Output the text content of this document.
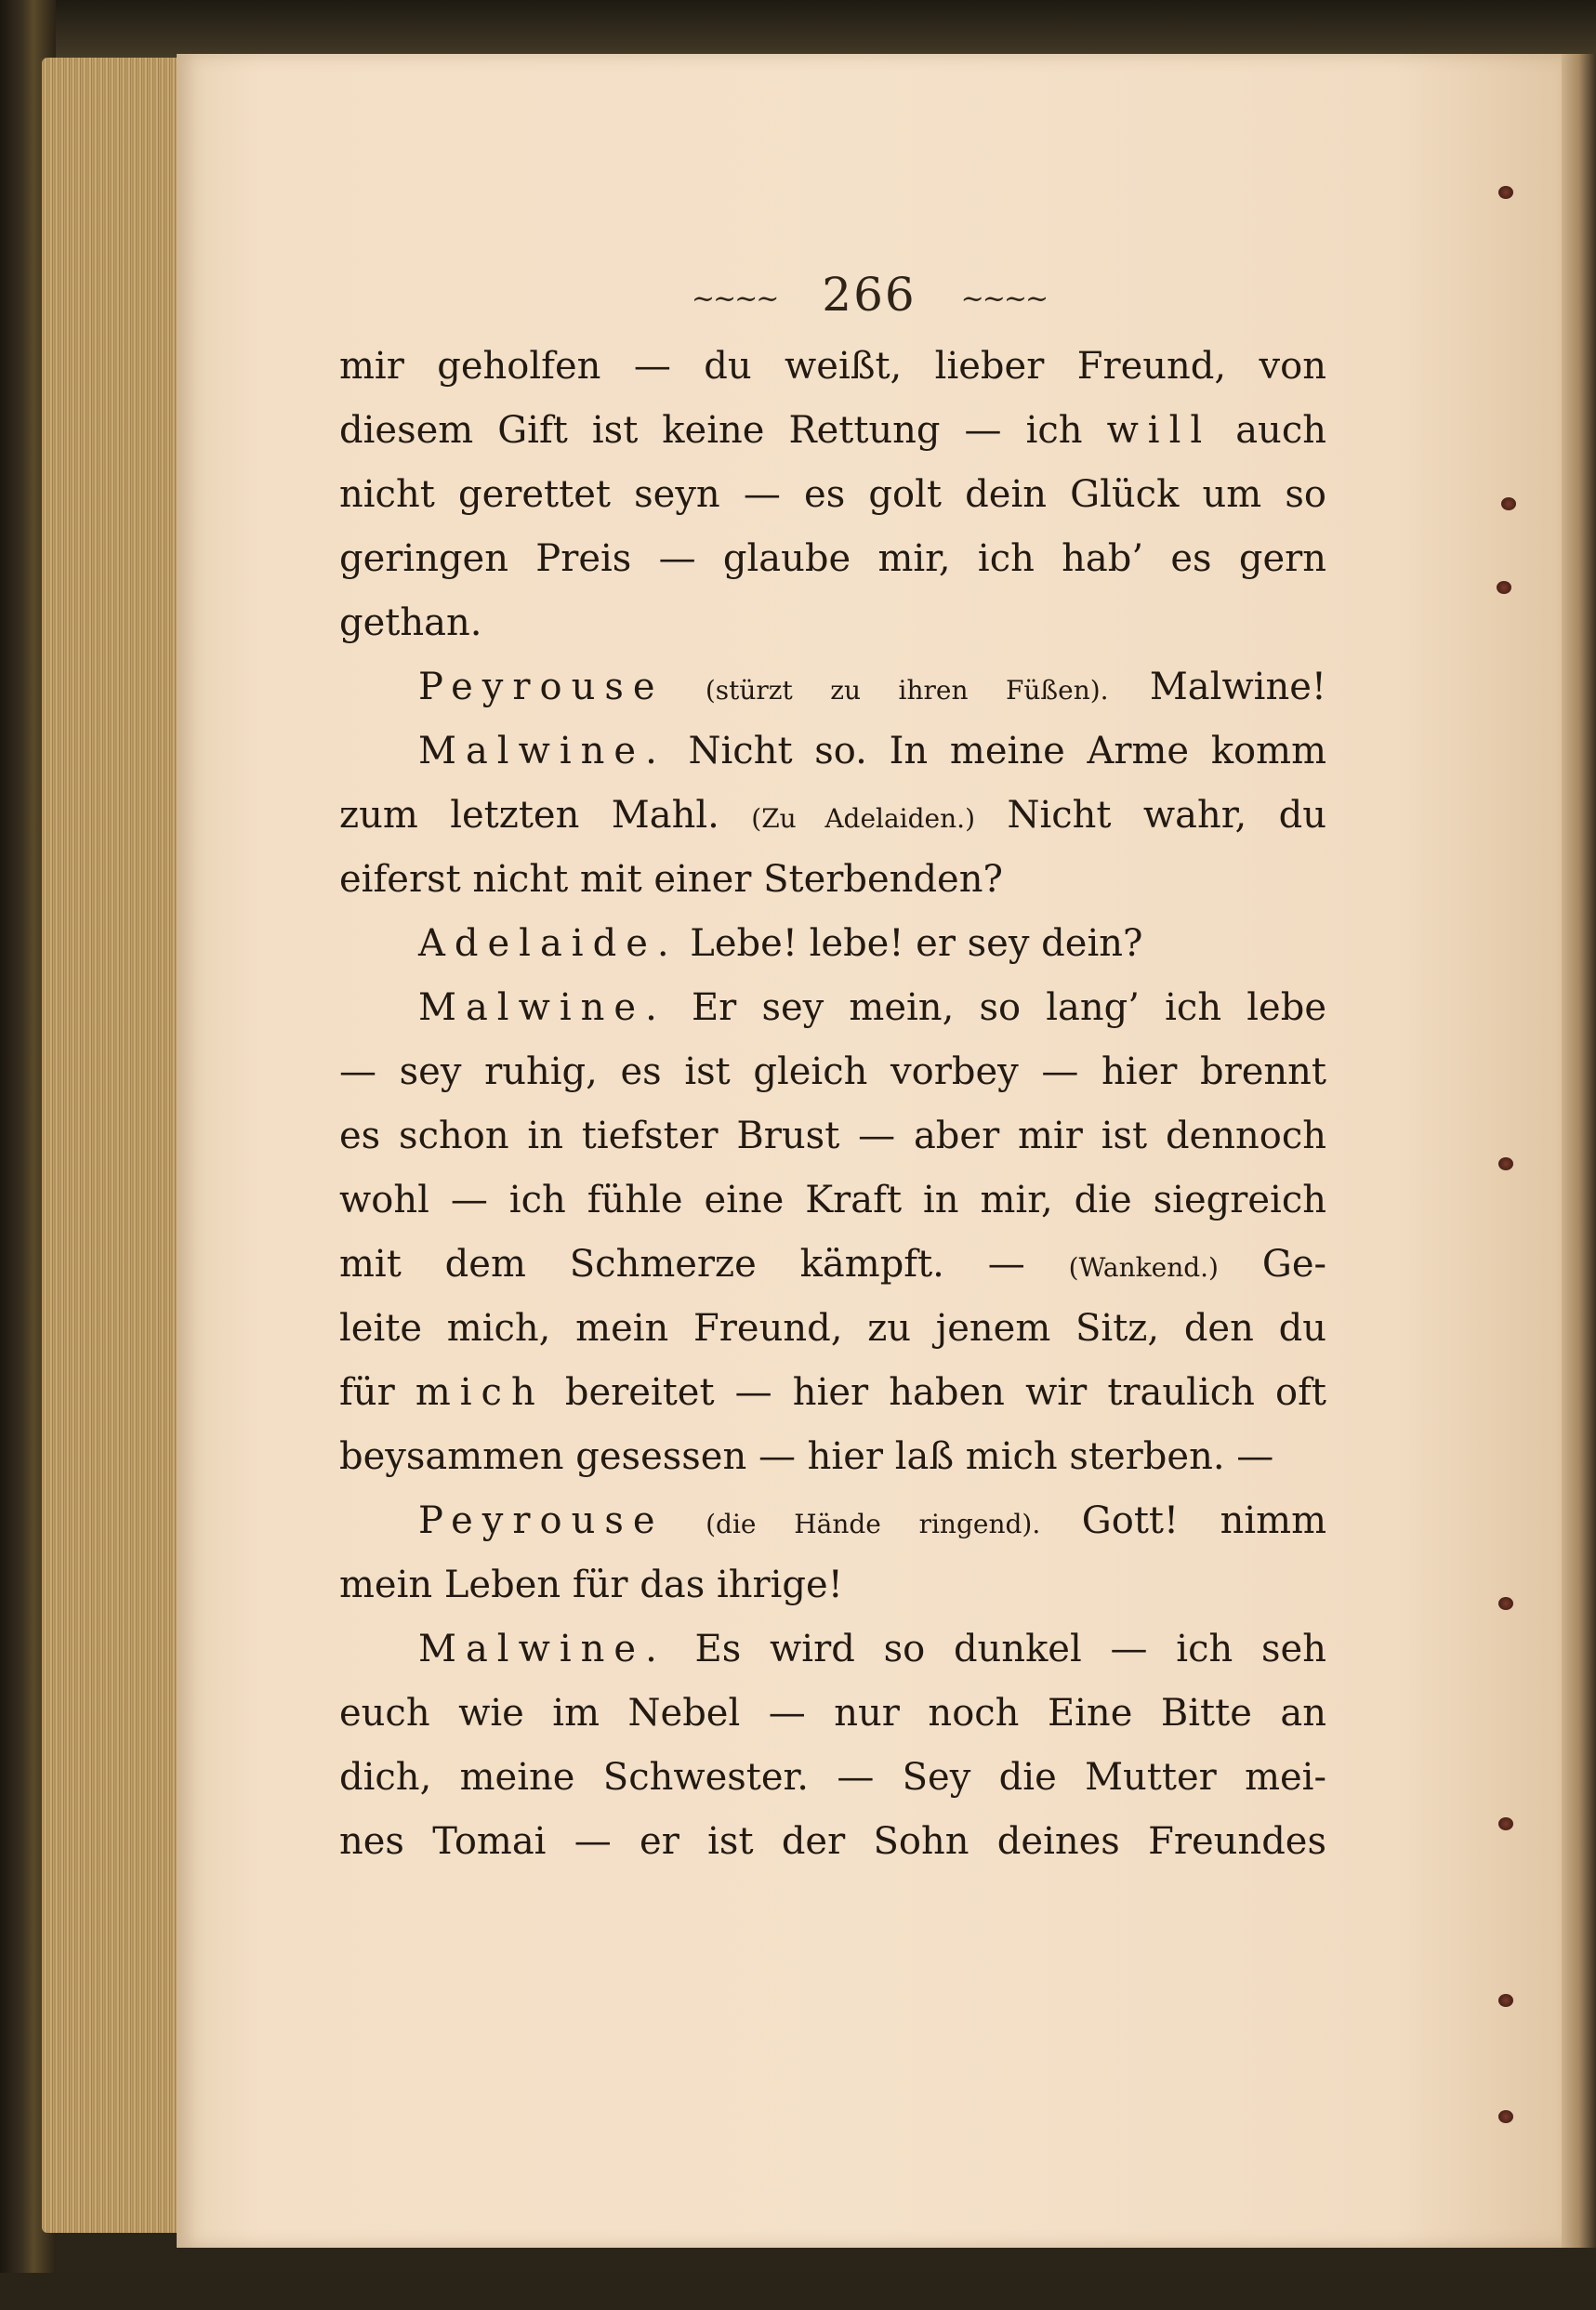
~~~~ 266 ~~~~
mir geholfen — du weißt, lieber Freund, von
diesem Gift ist keine Rettung — ich will auch
nicht gerettet seyn — es golt dein Glück um so
geringen Preis — glaube mir, ich hab’ es gern
gethan.
Peyrouse (stürzt zu ihren Füßen). Malwine!
Malwine. Nicht so. In meine Arme komm
zum letzten Mahl. (Zu Adelaiden.) Nicht wahr, du
eiferst nicht mit einer Sterbenden?
Adelaide. Lebe! lebe! er sey dein?
Malwine. Er sey mein, so lang’ ich lebe
— sey ruhig, es ist gleich vorbey — hier brennt
es schon in tiefster Brust — aber mir ist dennoch
wohl — ich fühle eine Kraft in mir, die siegreich
mit dem Schmerze kämpft. — (Wankend.) Ge-
leite mich, mein Freund, zu jenem Sitz, den du
für mich bereitet — hier haben wir traulich oft
beysammen gesessen — hier laß mich sterben. —
Peyrouse (die Hände ringend). Gott! nimm
mein Leben für das ihrige!
Malwine. Es wird so dunkel — ich seh
euch wie im Nebel — nur noch Eine Bitte an
dich, meine Schwester. — Sey die Mutter mei-
nes Tomai — er ist der Sohn deines Freundes
